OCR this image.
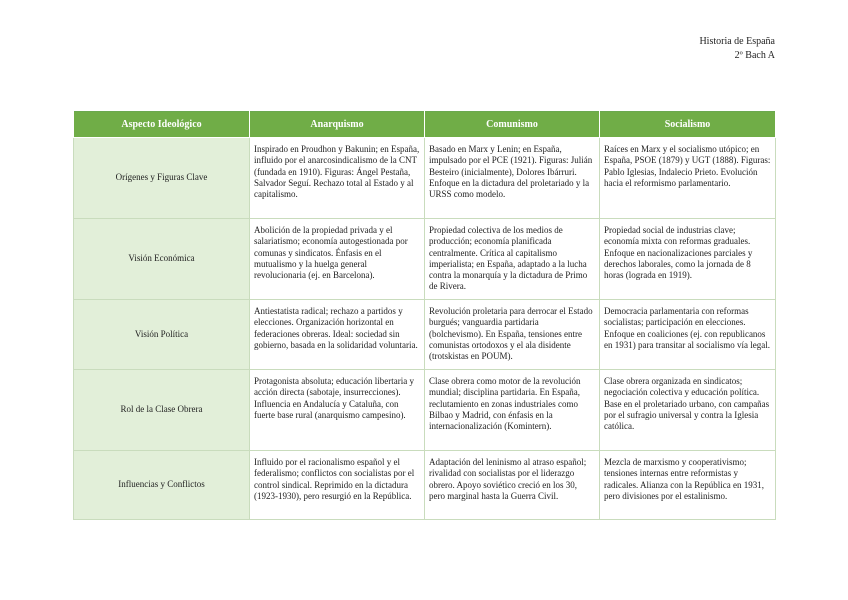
Historia de España
2º Bach A
Aspecto Ideológico	Anarquismo	Comunismo	Socialismo
Orígenes y Figuras Clave	Inspirado en Proudhon y Bakunin; en España, influido por el anarcosindicalismo de la CNT (fundada en 1910). Figuras: Ángel Pestaña, Salvador Seguí. Rechazo total al Estado y al capitalismo.	Basado en Marx y Lenin; en España, impulsado por el PCE (1921). Figuras: Julián Besteiro (inicialmente), Dolores Ibárruri. Enfoque en la dictadura del proletariado y la URSS como modelo.	Raíces en Marx y el socialismo utópico; en España, PSOE (1879) y UGT (1888). Figuras: Pablo Iglesias, Indalecio Prieto. Evolución hacia el reformismo parlamentario.
Visión Económica	Abolición de la propiedad privada y el salariatismo; economía autogestionada por comunas y sindicatos. Énfasis en el mutualismo y la huelga general revolucionaria (ej. en Barcelona).	Propiedad colectiva de los medios de producción; economía planificada centralmente. Crítica al capitalismo imperialista; en España, adaptado a la lucha contra la monarquía y la dictadura de Primo de Rivera.	Propiedad social de industrias clave; economía mixta con reformas graduales. Enfoque en nacionalizaciones parciales y derechos laborales, como la jornada de 8 horas (lograda en 1919).
Visión Política	Antiestatista radical; rechazo a partidos y elecciones. Organización horizontal en federaciones obreras. Ideal: sociedad sin gobierno, basada en la solidaridad voluntaria.	Revolución proletaria para derrocar el Estado burgués; vanguardia partidaria (bolchevismo). En España, tensiones entre comunistas ortodoxos y el ala disidente (trotskistas en POUM).	Democracia parlamentaria con reformas socialistas; participación en elecciones. Enfoque en coaliciones (ej. con republicanos en 1931) para transitar al socialismo vía legal.
Rol de la Clase Obrera	Protagonista absoluta; educación libertaria y acción directa (sabotaje, insurrecciones). Influencia en Andalucía y Cataluña, con fuerte base rural (anarquismo campesino).	Clase obrera como motor de la revolución mundial; disciplina partidaria. En España, reclutamiento en zonas industriales como Bilbao y Madrid, con énfasis en la internacionalización (Komintern).	Clase obrera organizada en sindicatos; negociación colectiva y educación política. Base en el proletariado urbano, con campañas por el sufragio universal y contra la Iglesia católica.
Influencias y Conflictos	Influido por el racionalismo español y el federalismo; conflictos con socialistas por el control sindical. Reprimido en la dictadura (1923-1930), pero resurgió en la República.	Adaptación del leninismo al atraso español; rivalidad con socialistas por el liderazgo obrero. Apoyo soviético creció en los 30, pero marginal hasta la Guerra Civil.	Mezcla de marxismo y cooperativismo; tensiones internas entre reformistas y radicales. Alianza con la República en 1931, pero divisiones por el estalinismo.
